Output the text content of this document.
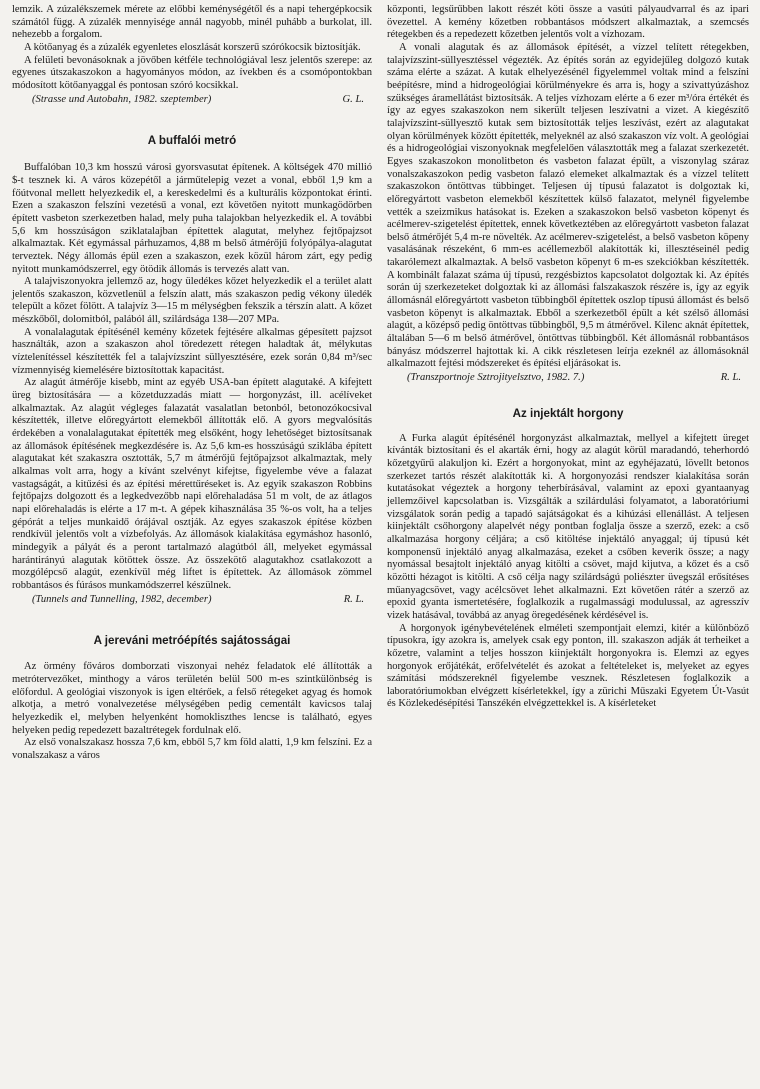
lemzik. A zúzalékszemek mérete az előbbi keménységétől és a napi tehergépkocsik számától függ. A zúzalék mennyisége annál nagyobb, minél puhább a burkolat, ill. nehezebb a forgalom.

A kötőanyag és a zúzalék egyenletes eloszlását korszerű szórókocsik biztosítják.

A felületi bevonásoknak a jövőben kétféle technológiával lesz jelentős szerepe: az egyenes útszakaszokon a hagyományos módon, az ívekben és a csomópontokban módosított kötőanyaggal és pontosan szóró kocsikkal.

(Strasse und Autobahn, 1982. szeptember)	G. L.
A buffalói metró

Buffalóban 10,3 km hosszú városi gyorsvasutat építenek. A költségek 470 millió $-t tesznek ki. A város közepétől a járműtelepig vezet a vonal, ebből 1,9 km a főútvonal mellett helyezkedik el, a kereskedelmi és a kulturális központokat érinti. Ezen a szakaszon felszíni vezetésű a vonal, ezt követően nyitott munkagödörben épített vasbeton szerkezetben halad, mely puha talajokban helyezkedik el. A további 5,6 km hosszúságon sziklatalajban építettek alagutat, melyhez fejtőpajzsot alkalmaztak. Két egymással párhuzamos, 4,88 m belső átmérőjű folyópálya-alagutat terveztek. Négy állomás épül ezen a szakaszon, ezek közül három zárt, egy pedig nyitott munkamódszerrel, egy ötödik állomás is tervezés alatt van.

A talajviszonyokra jellemző az, hogy üledékes kőzet helyezkedik el a terület alatt jelentős szakaszon, közvetlenül a felszín alatt, más szakaszon pedig vékony üledék települt a kőzet fölött. A talajvíz 3—15 m mélységben fekszik a térszín alatt. A kőzet mészkőből, dolomitból, palából áll, szilárdsága 138—207 MPa.

A vonalalagutak építésénél kemény kőzetek fejtésére alkalmas gépesített pajzsot használták, azon a szakaszon ahol töredezett rétegen haladtak át, mélykutas víztelenítéssel készítették fel a talajvízszint süllyesztésére, ezek során 0,84 m³/sec vízmennyiség kiemelésére biztosítottak kapacitást.

Az alagút átmérője kisebb, mint az egyéb USA-ban épített alagutaké. A kifejtett üreg biztosítására — a közetduzzadás miatt — horgonyzást, ill. acélíveket alkalmaztak. Az alagút végleges falazatát vasalatlan betonból, betonozókocsival készítették, illetve előregyártott elemekből állították elő. A gyors megvalósítás érdekében a vonalalagutakat építették meg elsőként, hogy lehetőséget biztosítsanak az állomások építésének megkezdésére is. Az 5,6 km-es hosszúságú sziklába épített alagutakat két szakaszra osztották, 5,7 m átmérőjű fejtőpajzsot alkalmaztak, mely alkalmas volt arra, hogy a kívánt szelvényt kifejtse, figyelembe véve a falazat vastagságát, a kitűzési és az építési mérettűréseket is. Az egyik szakaszon Robbins fejtőpajzs dolgozott és a legkedvezőbb napi előrehaladása 51 m volt, de az átlagos napi előrehaladás is elérte a 17 m-t. A gépek kihasználása 35 %-os volt, ha a teljes gépórát a teljes munkaidő órájával osztják. Az egyes szakaszok építése közben rendkívül jelentős volt a vízbefolyás. Az állomások kialakítása egymáshoz hasonló, mindegyik a pályát és a peront tartalmazó alagútból áll, melyeket egymással harántirányú alagutak kötöttek össze. Az összekötő alagutakhoz csatlakozott a mozgólépcső alagút, ezenkívül még liftet is építettek. Az állomások zömmel robbantásos és fúrásos munkamódszerrel készülnek.

(Tunnels and Tunnelling, 1982, december)	R. L.
A jereváni metróépítés sajátosságai

Az örmény főváros domborzati viszonyai nehéz feladatok elé állították a metrótervezőket, minthogy a város területén belül 500 m-es szintkülönbség is előfordul. A geológiai viszonyok is igen eltérőek, a felső rétegeket agyag és homok alkotja, a metró vonalvezetése mélységében pedig cementált kavicsos talaj helyezkedik el, melyben helyenként homokliszthes lencse is található, egyes helyeken pedig repedezett bazaltrétegek fordulnak elő.

Az első vonalszakasz hossza 7,6 km, ebből 5,7 km föld alatti, 1,9 km felszíni. Ez a vonalszakasz a város

központi, legsűrűbben lakott részét köti össze a vasúti pályaudvarral és az ipari övezettel. A kemény kőzetben robbantásos módszert alkalmaztak, a szemcsés rétegekben és a repedezett kőzetben jelentős volt a vízhozam.

A vonali alagutak és az állomások építését, a vízzel telített rétegekben, talajvízszint-süllyesztéssel végezték. Az építés során az egyidejűleg dolgozó kutak száma elérte a százat. A kutak elhelyezésénél figyelemmel voltak mind a felszíni beépítésre, mind a hidrogeológiai körülményekre és arra is, hogy a szivattyúzáshoz szükséges áramellátást biztosítsák. A teljes vízhozam elérte a 6 ezer m³/óra értékét és így az egyes szakaszokon nem sikerült teljesen leszívatni a vizet. A kiegészítő talajvízszint-süllyesztő kutak sem biztosították teljes leszívást, ezért az alagutakat olyan körülmények között építették, melyeknél az alsó szakaszon víz volt. A geológiai és a hidrogeológiai viszonyoknak megfelelően választották meg a falazat szerkezetét. Egyes szakaszokon monolitbeton és vasbeton falazat épült, a viszonylag száraz vonalszakaszokon pedig vasbeton falazó elemeket alkalmaztak és a vízzel telített szakaszokon öntöttvas tübbinget. Teljesen új típusú falazatot is dolgoztak ki, előregyártott vasbeton elemekből készítettek külső falazatot, melynél figyelembe vették a szeizmikus hatásokat is. Ezeken a szakaszokon belső vasbeton köpenyt és acélmerev-szigetelést építettek, ennek következtében az előregyártott vasbeton falazat belső átmérőjét 5,4 m-re növelték. Az acélmerev-szigetelést, a belső vasbeton köpeny vasalásának részeként, 6 mm-es acéllemezből alakították ki, illesztéseinél pedig takarólemezt alkalmaztak. A belső vasbeton köpenyt 6 m-es szekciókban készítették. A kombinált falazat száma új típusú, rezgésbiztos kapcsolatot dolgoztak ki. Az építés során új szerkezeteket dolgoztak ki az állomási falszakaszok részére is, így az egyik állomásnál előregyártott vasbeton tübbingből építettek oszlop típusú állomást és belső vasbeton köpenyt is alkalmaztak. Ebből a szerkezetből épült a két szélső állomási alagút, a középső pedig öntöttvas tübbingből, 9,5 m átmérővel. Kilenc aknát építettek, általában 5—6 m belső átmérővel, öntöttvas tübbingből. Két állomásnál robbantásos bányász módszerrel hajtottak ki. A cikk részletesen leírja ezeknél az állomásoknál alkalmazott fejtési módszereket és építési eljárásokat is.

(Transzportnoje Sztrojityelsztvo, 1982. 7.)	R. L.
Az injektált horgony

A Furka alagút építésénél horgonyzást alkalmaztak, mellyel a kifejtett üreget kívánták biztosítani és el akarták érni, hogy az alagút körül maradandó, teherhordó kőzetgyűrű alakuljon ki. Ezért a horgonyokat, mint az egyhéjazatú, lövellt betonos szerkezet tartós részét alakították ki. A horgonyozási rendszer kialakítása során kutatásokat végeztek a horgony teherbírásával, valamint az epoxi gyantaanyag jellemzőivel kapcsolatban is. Vizsgálták a szilárdulási folyamatot, a laboratóriumi vizsgálatok során pedig a tapadó sajátságokat és a kihúzási ellenállást. A teljesen kiinjektált csőhorgony alapelvét négy pontban foglalja össze a szerző, ezek: a cső alkalmazása horgony céljára; a cső kitöltése injektáló anyaggal; új típusú két komponensű injektáló anyag alkalmazása, ezeket a csőben keverik össze; a nagy nyomással besajtolt injektáló anyag kitölti a csövet, majd kijutva, a kőzet és a cső közötti hézagot is kitölti. A cső célja nagy szilárdságú poliészter üvegszál erősítéses műanyagcsövet, vagy acélcsövet lehet alkalmazni. Ezt követően rátér a szerző az epoxid gyanta ismertetésére, foglalkozik a rugalmassági modulussal, az agresszív vizek hatásával, továbbá az anyag öregedésének kérdésével is.

A horgonyok igénybevételének elméleti szempontjait elemzi, kitér a különböző típusokra, így azokra is, amelyek csak egy ponton, ill. szakaszon adják át terheiket a kőzetre, valamint a teljes hosszon kiinjektált horgonyokra is. Elemzi az egyes horgonyok erőjátékát, erőfelvételét és azokat a feltételeket is, melyeket az egyes számítási módszereknél figyelembe vesznek. Részletesen foglalkozik a laboratóriumokban elvégzett kísérletekkel, így a zürichi Műszaki Egyetem Út-Vasút és Közlekedésépítési Tanszékén elvégzettekkel is. A kísérleteket
